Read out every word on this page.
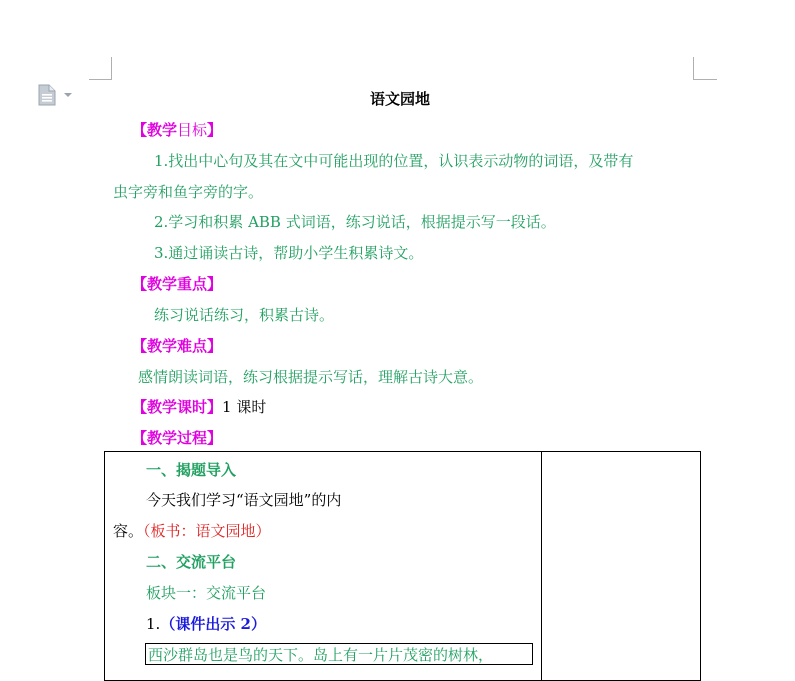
语文园地
【教学目标】
1.找出中心句及其在文中可能出现的位置，认识表示动物的词语，及带有
虫字旁和鱼字旁的字。
2.学习和积累 ABB 式词语，练习说话，根据提示写一段话。
3.通过诵读古诗，帮助小学生积累诗文。
【教学重点】
练习说话练习，积累古诗。
【教学难点】
感情朗读词语，练习根据提示写话，理解古诗大意。
【教学课时】1 课时
【教学过程】
一、揭题导入
今天我们学习“语文园地”的内
容。（板书：语文园地）
二、交流平台
板块一：交流平台
1.（课件出示 2）
西沙群岛也是鸟的天下。岛上有一片片茂密的树林，
